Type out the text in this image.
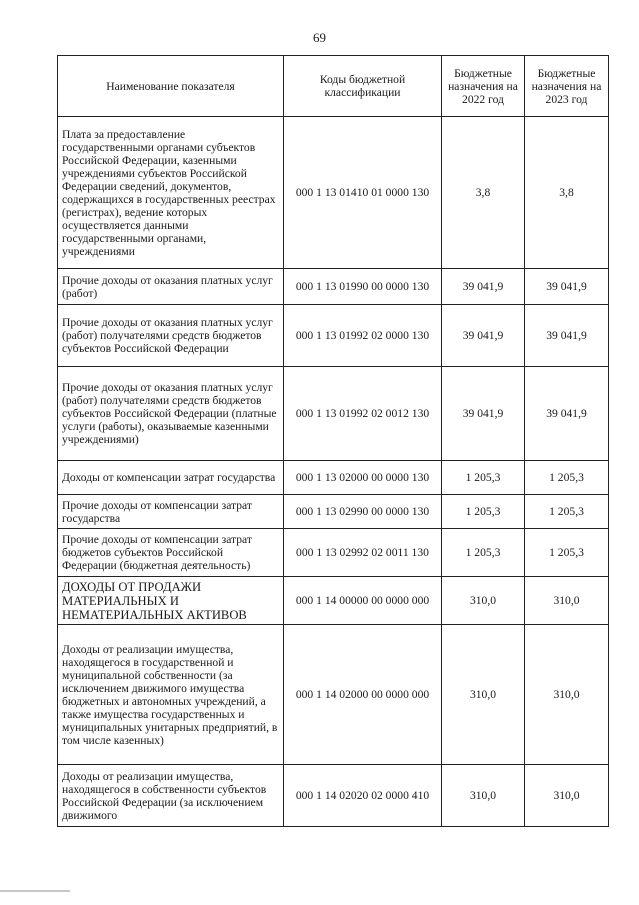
69
Наименование показателя	Коды бюджетной классификации	Бюджетные назначения на 2022 год	Бюджетные назначения на 2023 год
Плата за предоставление государственными органами субъектов Российской Федерации, казенными учреждениями субъектов Российской Федерации сведений, документов, содержащихся в государственных реестрах (регистрах), ведение которых осуществляется данными государственными органами, учреждениями	000 1 13 01410 01 0000 130	3,8	3,8
Прочие доходы от оказания платных услуг (работ)	000 1 13 01990 00 0000 130	39 041,9	39 041,9
Прочие доходы от оказания платных услуг (работ) получателями средств бюджетов субъектов Российской Федерации	000 1 13 01992 02 0000 130	39 041,9	39 041,9
Прочие доходы от оказания платных услуг (работ) получателями средств бюджетов субъектов Российской Федерации (платные услуги (работы), оказываемые казенными учреждениями)	000 1 13 01992 02 0012 130	39 041,9	39 041,9
Доходы от компенсации затрат государства	000 1 13 02000 00 0000 130	1 205,3	1 205,3
Прочие доходы от компенсации затрат государства	000 1 13 02990 00 0000 130	1 205,3	1 205,3
Прочие доходы от компенсации затрат бюджетов субъектов Российской Федерации (бюджетная деятельность)	000 1 13 02992 02 0011 130	1 205,3	1 205,3
ДОХОДЫ ОТ ПРОДАЖИ МАТЕРИАЛЬНЫХ И НЕМАТЕРИАЛЬНЫХ АКТИВОВ	000 1 14 00000 00 0000 000	310,0	310,0
Доходы от реализации имущества, находящегося в государственной и муниципальной собственности (за исключением движимого имущества бюджетных и автономных учреждений, а также имущества государственных и муниципальных унитарных предприятий, в том числе казенных)	000 1 14 02000 00 0000 000	310,0	310,0
Доходы от реализации имущества, находящегося в собственности субъектов Российской Федерации (за исключением движимого	000 1 14 02020 02 0000 410	310,0	310,0
